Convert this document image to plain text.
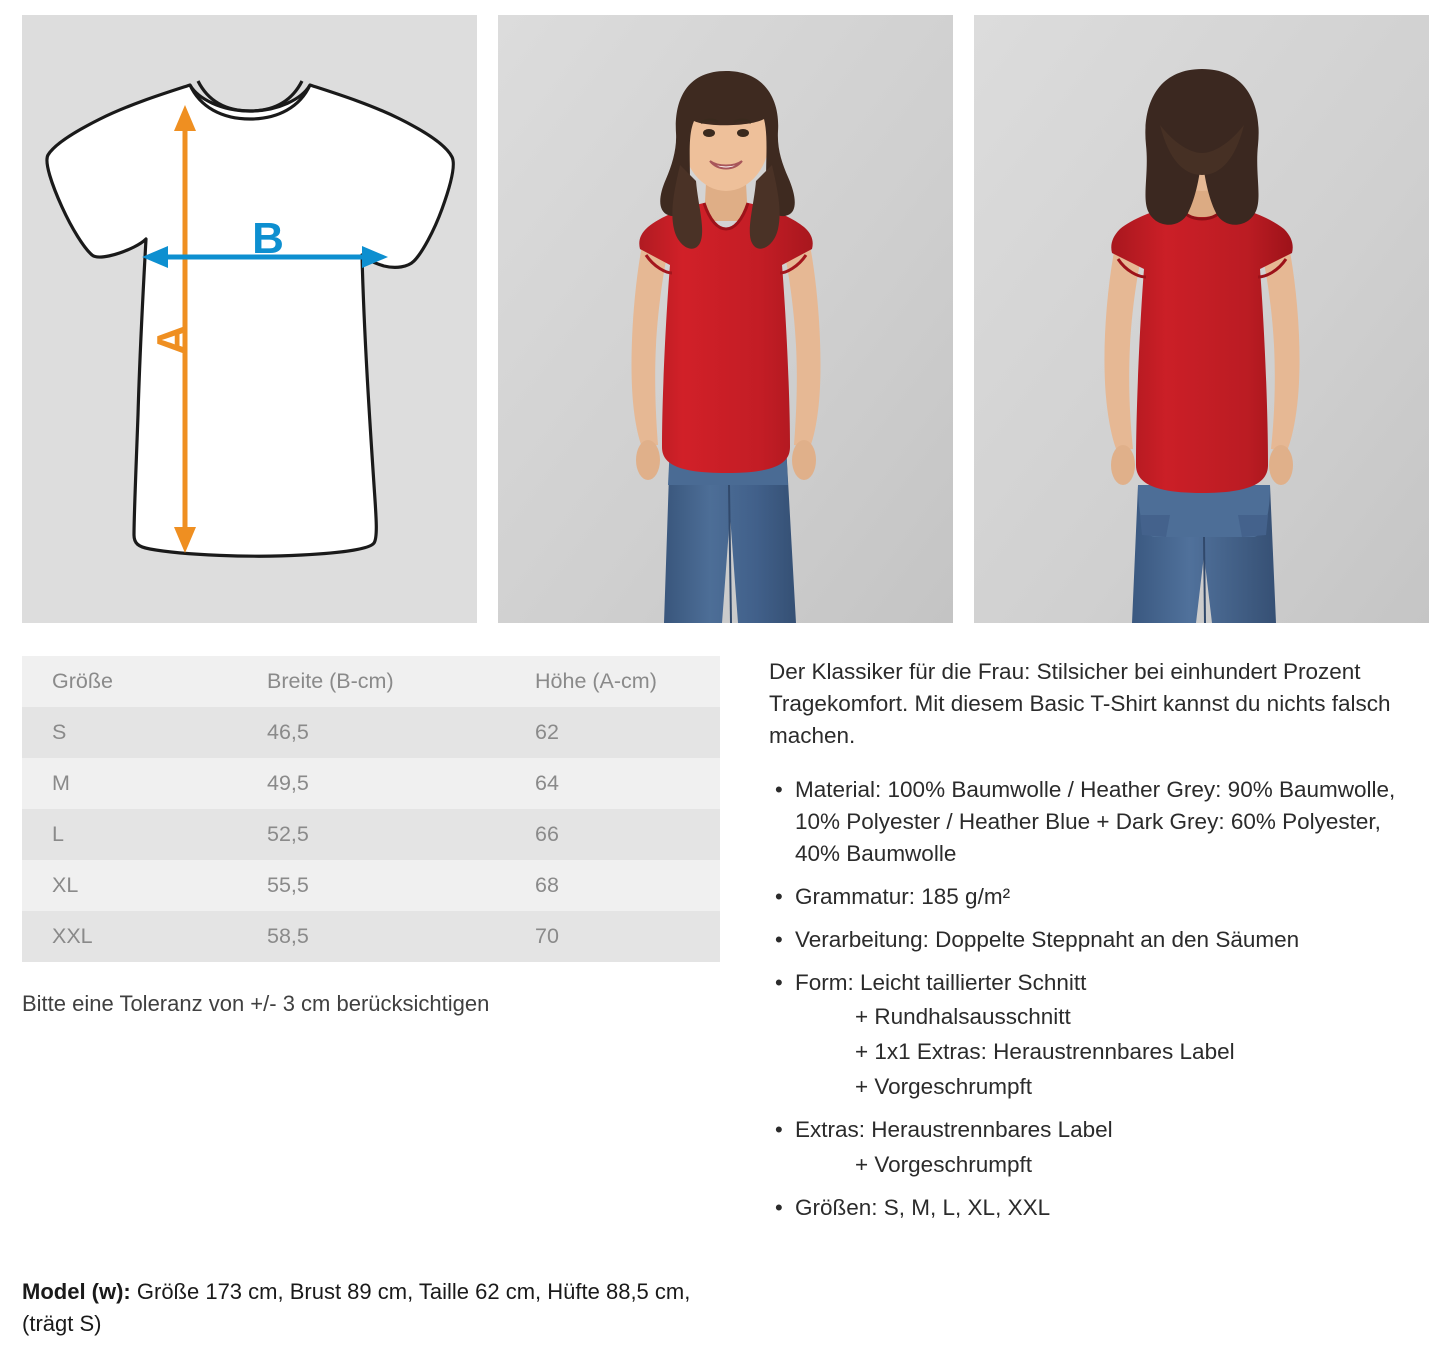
A
B
Größe	Breite (B-cm)	Höhe (A-cm)
S	46,5	62
M	49,5	64
L	52,5	66
XL	55,5	68
XXL	58,5	70
Bitte eine Toleranz von +/- 3 cm berücksichtigen
Model (w): Größe 173 cm, Brust 89 cm, Taille 62 cm, Hüfte 88,5 cm, (trägt S)

Der Klassiker für die Frau: Stilsicher bei einhundert Prozent Tragekomfort. Mit diesem Basic T-Shirt kannst du nichts falsch machen.

• Material: 100% Baumwolle / Heather Grey: 90% Baumwolle, 10% Polyester / Heather Blue + Dark Grey: 60% Polyester, 40% Baumwolle
• Grammatur: 185 g/m²
• Verarbeitung: Doppelte Steppnaht an den Säumen
• Form: Leicht taillierter Schnitt
+ Rundhalsausschnitt
+ 1x1 Extras: Heraustrennbares Label
+ Vorgeschrumpft
• Extras: Heraustrennbares Label
+ Vorgeschrumpft
• Größen: S, M, L, XL, XXL
